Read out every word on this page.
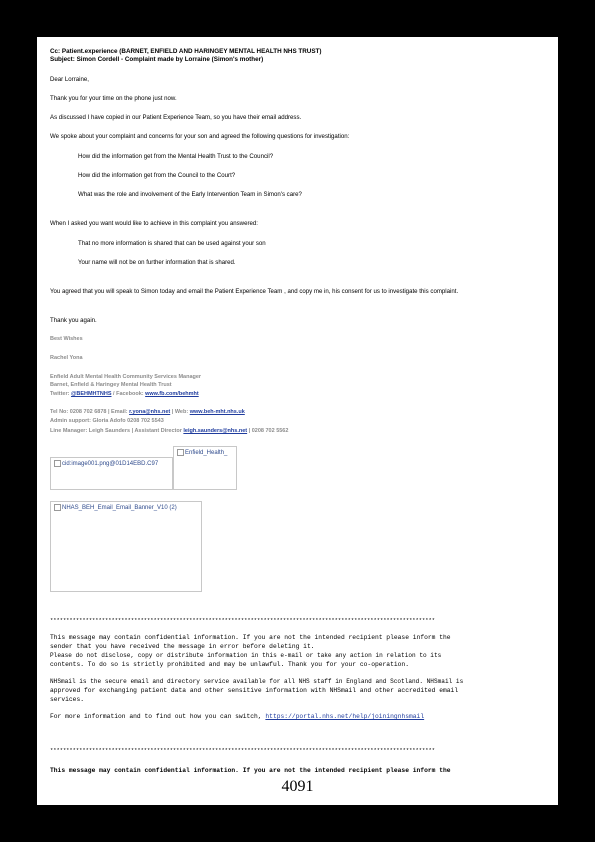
Cc: Patient.experience (BARNET, ENFIELD AND HARINGEY MENTAL HEALTH NHS TRUST)
Subject: Simon Cordell - Complaint made by Lorraine (Simon's mother)
Dear Lorraine,
Thank you for your time on the phone just now.
As discussed I have copied in our Patient Experience Team, so you have their email address.
We spoke about your complaint and concerns for your son and agreed the following questions for investigation:
How did the information get from the Mental Health Trust to the Council?
How did the information get from the Council to the Court?
What was the role and involvement of the Early Intervention Team in Simon's care?
When I asked you want would like to achieve in this complaint you answered:
That no more information is shared that can be used against your son
Your name will not be on further information that is shared.
You agreed that you will speak to Simon today and email the Patient Experience Team , and copy me in, his consent for us to investigate this complaint.
Thank you again.
Best Wishes
Rachel Yona
Enfield Adult Mental Health Community Services Manager
Barnet, Enfield & Haringey Mental Health Trust
Twitter: @BEHMHTNHS / Facebook: www.fb.com/behmht
Tel No: 0208 702 6878 | Email: r.yona@nhs.net | Web: www.beh-mht.nhs.uk
Admin support: Gloria Adofo 0208 702 5543
Line Manager: Leigh Saunders | Assistant Director leigh.saunders@nhs.net | 0208 702 5562
cid:image001.png@01D14EBD.C97
Enfield_Health_
NHAS_BEH_Email_Email_Banner_V10 (2)
***********************************************************************************************************************
This message may contain confidential information. If you are not the intended recipient please inform the
sender that you have received the message in error before deleting it.
Please do not disclose, copy or distribute information in this e-mail or take any action in relation to its
contents. To do so is strictly prohibited and may be unlawful. Thank you for your co-operation.
NHSmail is the secure email and directory service available for all NHS staff in England and Scotland. NHSmail is
approved for exchanging patient data and other sensitive information with NHSmail and other accredited email
services.
For more information and to find out how you can switch, https://portal.nhs.net/help/joiningnhsmail
***********************************************************************************************************************
This message may contain confidential information. If you are not the intended recipient please inform the
4091
